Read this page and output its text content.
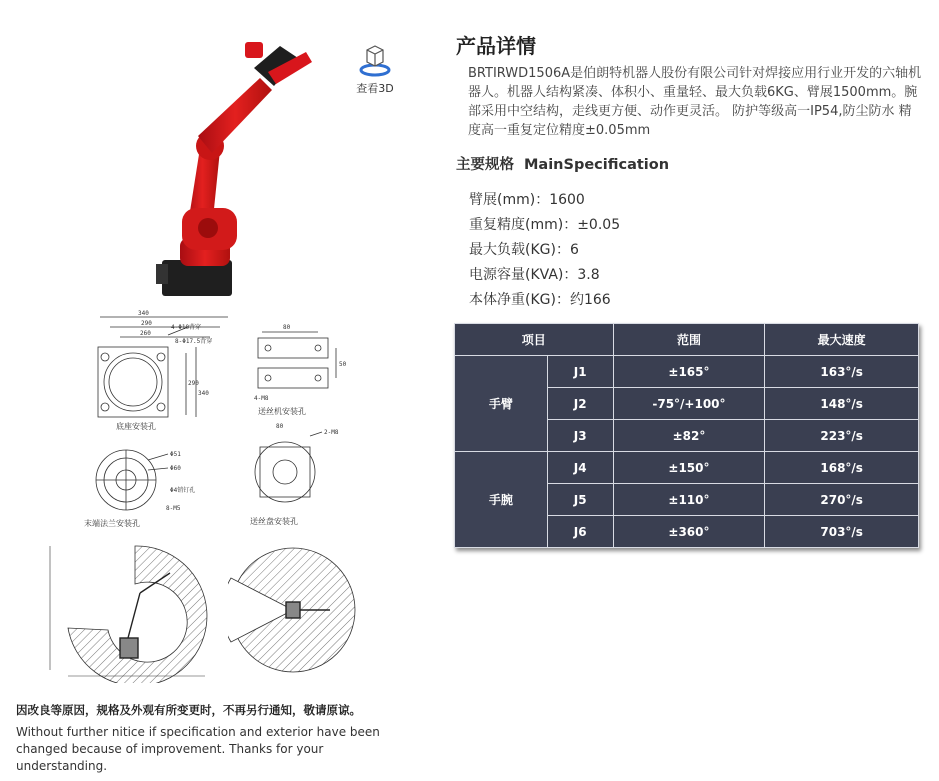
查看3D
340
290
260
4-Φ10背穿
8-Φ17.5背穿
290
340
底座安装孔
80
4-M8
50
送丝机安装孔
Φ51
Φ60
Φ4销钉孔
8-M5
末端法兰安装孔
2-M8
80
送丝盘安装孔
因改良等原因，规格及外观有所变更时，不再另行通知，敬请原谅。
Without further nitice if specification and exterior have been changed because of improvement. Thanks for your understanding.
产品详情
BRTIRWD1506A是伯朗特机器人股份有限公司针对焊接应用行业开发的六轴机器人。机器人结构紧凑、体积小、重量轻、最大负载6KG、臂展1500mm。腕部采用中空结构，走线更方便、动作更灵活。 防护等级高一IP54,防尘防水 精度高一重复定位精度±0.05mm
主要规格 MainSpecification
臂展(mm)：1600
重复精度(mm)：±0.05
最大负载(KG)：6
电源容量(KVA)：3.8
本体净重(KG)：约166
项目		范围	最大速度
手臂	J1	±165°	163°/s
	J2	-75°/+100°	148°/s
	J3	±82°	223°/s
手腕	J4	±150°	168°/s
	J5	±110°	270°/s
	J6	±360°	703°/s
